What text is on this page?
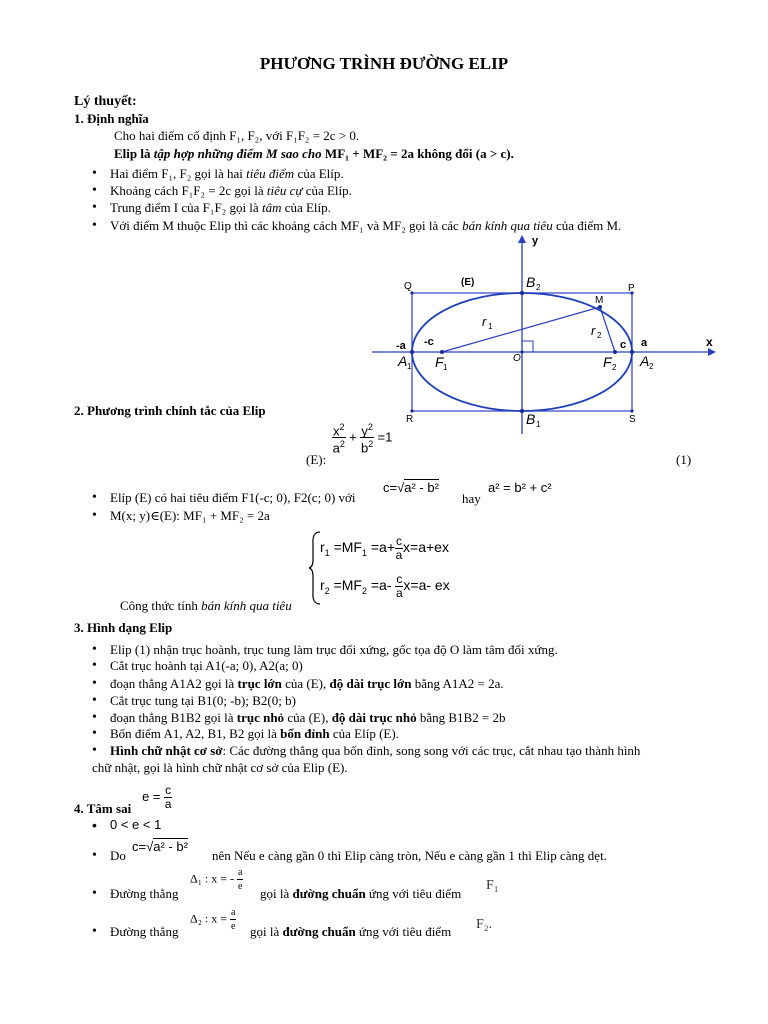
PHƯƠNG TRÌNH ĐƯỜNG ELIP
Lý thuyết:
1. Định nghĩa
Cho hai điểm cố định F₁, F₂, với F₁F₂ = 2c > 0.
Elip là tập hợp những điểm M sao cho MF₁ + MF₂ = 2a không đổi (a > c).
• Hai điểm F₁, F₂ gọi là hai tiêu điểm của Elíp.
• Khoảng cách F₁F₂ = 2c gọi là tiêu cự của Elíp.
• Trung điểm I của F₁F₂ gọi là tâm của Elíp.
• Với điểm M thuộc Elip thì các khoảng cách MF₁ và MF₂ gọi là các bán kính qua tiêu của điểm M.
y
x
(E)
Q	P
R	S
M
B 2
B 1
A 1	A 2
F 1	F 2
r 1	r 2
-a -c	c a
O
2. Phương trình chính tắc của Elip
$\frac{x^2}{a^2} + \frac{y^2}{b^2} =1$
(E):	(1)
• Elíp (E) có hai tiêu điểm F1(-c; 0), F2(c; 0) với
c=√a² - b²
hay
a² = b² + c²
• M(x; y)∈(E): MF₁ + MF₂ = 2a
$r_1 =MF_1 =a+ \frac{c}{a} x=a+ex$
$r_2 =MF_2 =a- \frac{c}{a} x=a-$ ex
Công thức tính bán kính qua tiêu
3. Hình dạng Elip
• Elip (1) nhận trục hoành, trục tung làm trục đối xứng, gốc tọa độ O làm tâm đối xứng.
• Cắt trục hoành tại A1(-a; 0), A2(a; 0)
• đoạn thẳng A1A2 gọi là trục lớn của (E), độ dài trục lớn bằng A1A2 = 2a.
• Cắt trục tung tại B1(0; -b); B2(0; b)
• đoạn thẳng B1B2 gọi là trục nhỏ của (E), độ dài trục nhỏ bằng B1B2 = 2b
• Bốn điểm A1, A2, B1, B2 gọi là bốn đỉnh của Elíp (E).
• Hình chữ nhật cơ sở: Các đường thẳng qua bốn đỉnh, song song với các trục, cắt nhau tạo thành hình
chữ nhật, gọi là hình chữ nhật cơ sở của Elip (E).
4. Tâm sai
$e = \frac{c}{a}$
• 0 < e < 1
• Do
c=√a² - b²
nên Nếu e càng gần 0 thì Elip càng tròn, Nếu e càng gần 1 thì Elip càng dẹt.
• Đường thẳng
Δ₁ : x = - $\frac{a}{e}$
gọi là đường chuẩn ứng với tiêu điểm
F₁
• Đường thẳng
Δ₂ : $x = \frac{a}{e}$ gọi là đường chuẩn ứng với tiêu điểm F₂.
